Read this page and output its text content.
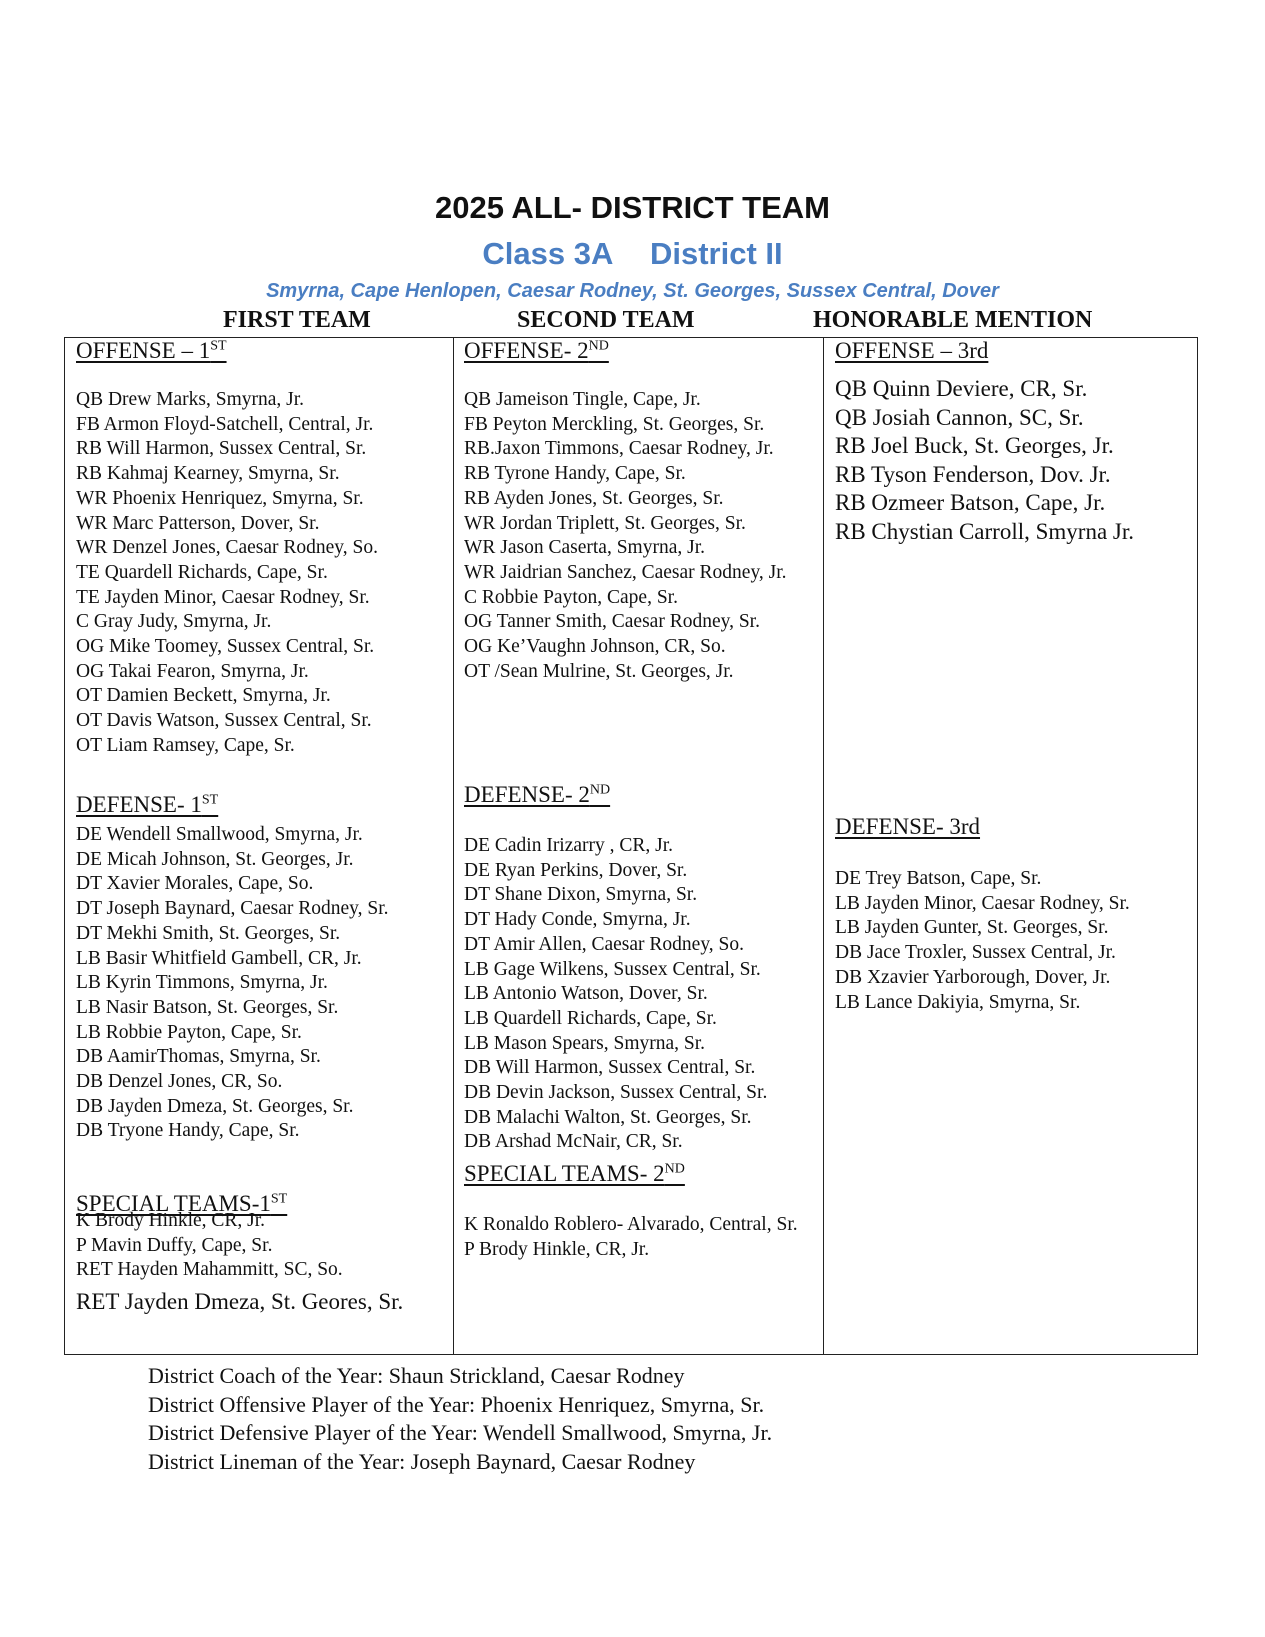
2025 ALL- DISTRICT TEAM
Class 3A District II
Smyrna, Cape Henlopen, Caesar Rodney, St. Georges, Sussex Central, Dover
FIRST TEAM	SECOND TEAM	HONORABLE MENTION
OFFENSE – 1ST
QB Drew Marks, Smyrna, Jr.
FB Armon Floyd-Satchell, Central, Jr.
RB Will Harmon, Sussex Central, Sr.
RB Kahmaj Kearney, Smyrna, Sr.
WR Phoenix Henriquez, Smyrna, Sr.
WR Marc Patterson, Dover, Sr.
WR Denzel Jones, Caesar Rodney, So.
TE Quardell Richards, Cape, Sr.
TE Jayden Minor, Caesar Rodney, Sr.
C Gray Judy, Smyrna, Jr.
OG Mike Toomey, Sussex Central, Sr.
OG Takai Fearon, Smyrna, Jr.
OT Damien Beckett, Smyrna, Jr.
OT Davis Watson, Sussex Central, Sr.
OT Liam Ramsey, Cape, Sr.
DEFENSE- 1ST
DE Wendell Smallwood, Smyrna, Jr.
DE Micah Johnson, St. Georges, Jr.
DT Xavier Morales, Cape, So.
DT Joseph Baynard, Caesar Rodney, Sr.
DT Mekhi Smith, St. Georges, Sr.
LB Basir Whitfield Gambell, CR, Jr.
LB Kyrin Timmons, Smyrna, Jr.
LB Nasir Batson, St. Georges, Sr.
LB Robbie Payton, Cape, Sr.
DB AamirThomas, Smyrna, Sr.
DB Denzel Jones, CR, So.
DB Jayden Dmeza, St. Georges, Sr.
DB Tryone Handy, Cape, Sr.
SPECIAL TEAMS-1ST
K Brody Hinkle, CR, Jr.
P Mavin Duffy, Cape, Sr.
RET Hayden Mahammitt, SC, So.
RET Jayden Dmeza, St. Geores, Sr.
OFFENSE- 2ND
QB Jameison Tingle, Cape, Jr.
FB Peyton Merckling, St. Georges, Sr.
RB.Jaxon Timmons, Caesar Rodney, Jr.
RB Tyrone Handy, Cape, Sr.
RB Ayden Jones, St. Georges, Sr.
WR Jordan Triplett, St. Georges, Sr.
WR Jason Caserta, Smyrna, Jr.
WR Jaidrian Sanchez, Caesar Rodney, Jr.
C Robbie Payton, Cape, Sr.
OG Tanner Smith, Caesar Rodney, Sr.
OG Ke’Vaughn Johnson, CR, So.
OT /Sean Mulrine, St. Georges, Jr.
DEFENSE- 2ND
DE Cadin Irizarry , CR, Jr.
DE Ryan Perkins, Dover, Sr.
DT Shane Dixon, Smyrna, Sr.
DT Hady Conde, Smyrna, Jr.
DT Amir Allen, Caesar Rodney, So.
LB Gage Wilkens, Sussex Central, Sr.
LB Antonio Watson, Dover, Sr.
LB Quardell Richards, Cape, Sr.
LB Mason Spears, Smyrna, Sr.
DB Will Harmon, Sussex Central, Sr.
DB Devin Jackson, Sussex Central, Sr.
DB Malachi Walton, St. Georges, Sr.
DB Arshad McNair, CR, Sr.
SPECIAL TEAMS- 2ND
K Ronaldo Roblero- Alvarado, Central, Sr.
P Brody Hinkle, CR, Jr.
OFFENSE – 3rd
QB Quinn Deviere, CR, Sr.
QB Josiah Cannon, SC, Sr.
RB Joel Buck, St. Georges, Jr.
RB Tyson Fenderson, Dov. Jr.
RB Ozmeer Batson, Cape, Jr.
RB Chystian Carroll, Smyrna Jr.
DEFENSE- 3rd
DE Trey Batson, Cape, Sr.
LB Jayden Minor, Caesar Rodney, Sr.
LB Jayden Gunter, St. Georges, Sr.
DB Jace Troxler, Sussex Central, Jr.
DB Xzavier Yarborough, Dover, Jr.
LB Lance Dakiyia, Smyrna, Sr.
District Coach of the Year: Shaun Strickland, Caesar Rodney
District Offensive Player of the Year: Phoenix Henriquez, Smyrna, Sr.
District Defensive Player of the Year: Wendell Smallwood, Smyrna, Jr.
District Lineman of the Year: Joseph Baynard, Caesar Rodney
